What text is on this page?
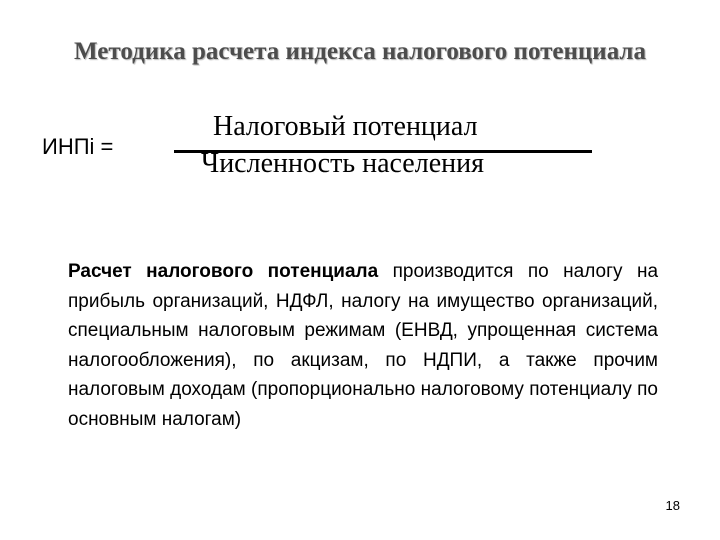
Методика расчета индекса налогового потенциала
ИНПi =
Налоговый потенциал
Численность населения
Расчет налогового потенциала производится по налогу на прибыль организаций, НДФЛ, налогу на имущество организаций, специальным налоговым режимам (ЕНВД, упрощенная система налогообложения), по акцизам, по НДПИ, а также прочим налоговым доходам (пропорционально налоговому потенциалу по основным налогам)
18
